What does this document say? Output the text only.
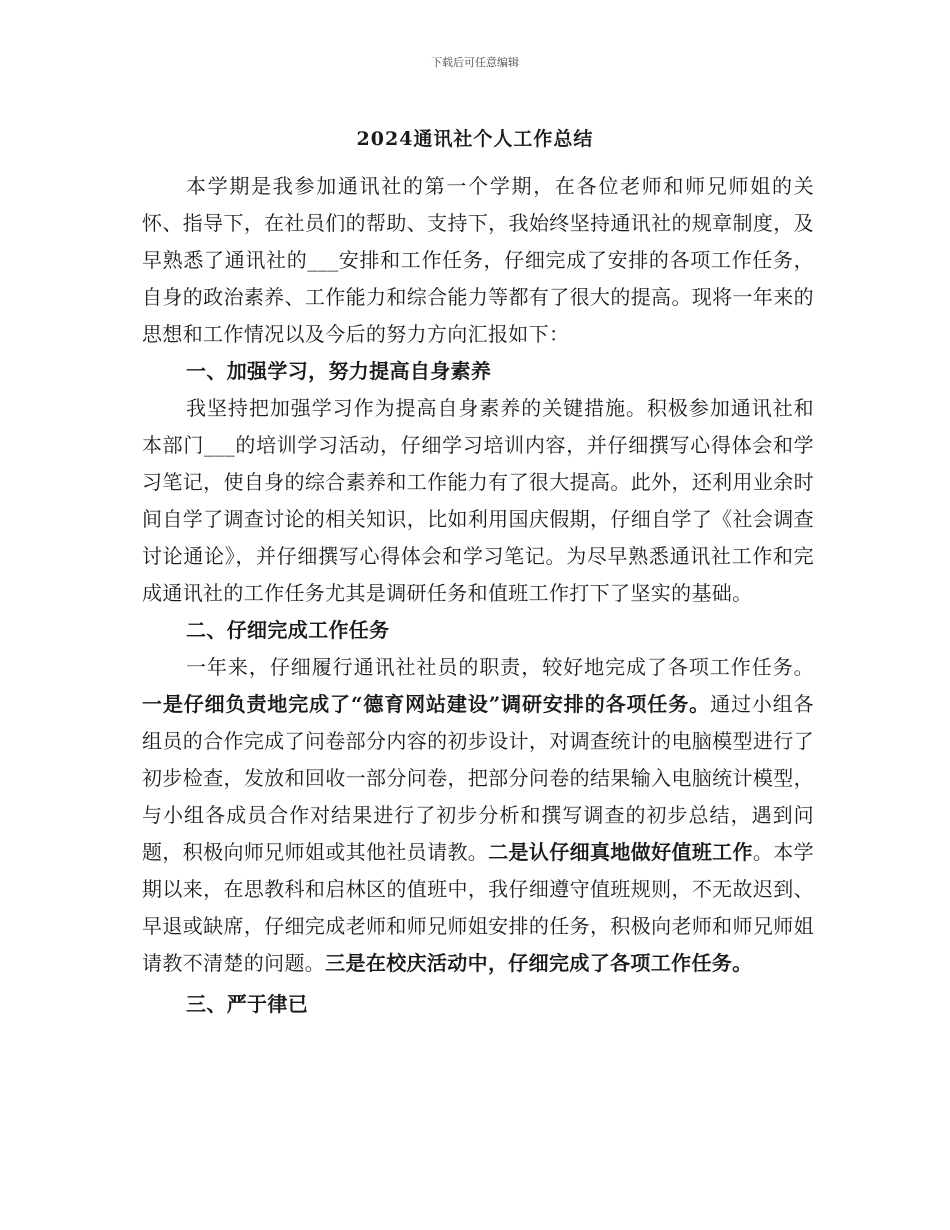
下载后可任意编辑
2024通讯社个人工作总结

本学期是我参加通讯社的第一个学期，在各位老师和师兄师姐的关怀、指导下，在社员们的帮助、支持下，我始终坚持通讯社的规章制度，及早熟悉了通讯社的___安排和工作任务，仔细完成了安排的各项工作任务，自身的政治素养、工作能力和综合能力等都有了很大的提高。现将一年来的思想和工作情况以及今后的努力方向汇报如下：

一、加强学习，努力提高自身素养

我坚持把加强学习作为提高自身素养的关键措施。积极参加通讯社和本部门___的培训学习活动，仔细学习培训内容，并仔细撰写心得体会和学习笔记，使自身的综合素养和工作能力有了很大提高。此外，还利用业余时间自学了调查讨论的相关知识，比如利用国庆假期，仔细自学了《社会调查讨论通论》，并仔细撰写心得体会和学习笔记。为尽早熟悉通讯社工作和完成通讯社的工作任务尤其是调研任务和值班工作打下了坚实的基础。

二、仔细完成工作任务

一年来，仔细履行通讯社社员的职责，较好地完成了各项工作任务。一是仔细负责地完成了“德育网站建设”调研安排的各项任务。通过小组各组员的合作完成了问卷部分内容的初步设计，对调查统计的电脑模型进行了初步检查，发放和回收一部分问卷，把部分问卷的结果输入电脑统计模型，与小组各成员合作对结果进行了初步分析和撰写调查的初步总结，遇到问题，积极向师兄师姐或其他社员请教。二是认仔细真地做好值班工作。本学期以来，在思教科和启林区的值班中，我仔细遵守值班规则，不无故迟到、早退或缺席，仔细完成老师和师兄师姐安排的任务，积极向老师和师兄师姐请教不清楚的问题。三是在校庆活动中，仔细完成了各项工作任务。

三、严于律已
